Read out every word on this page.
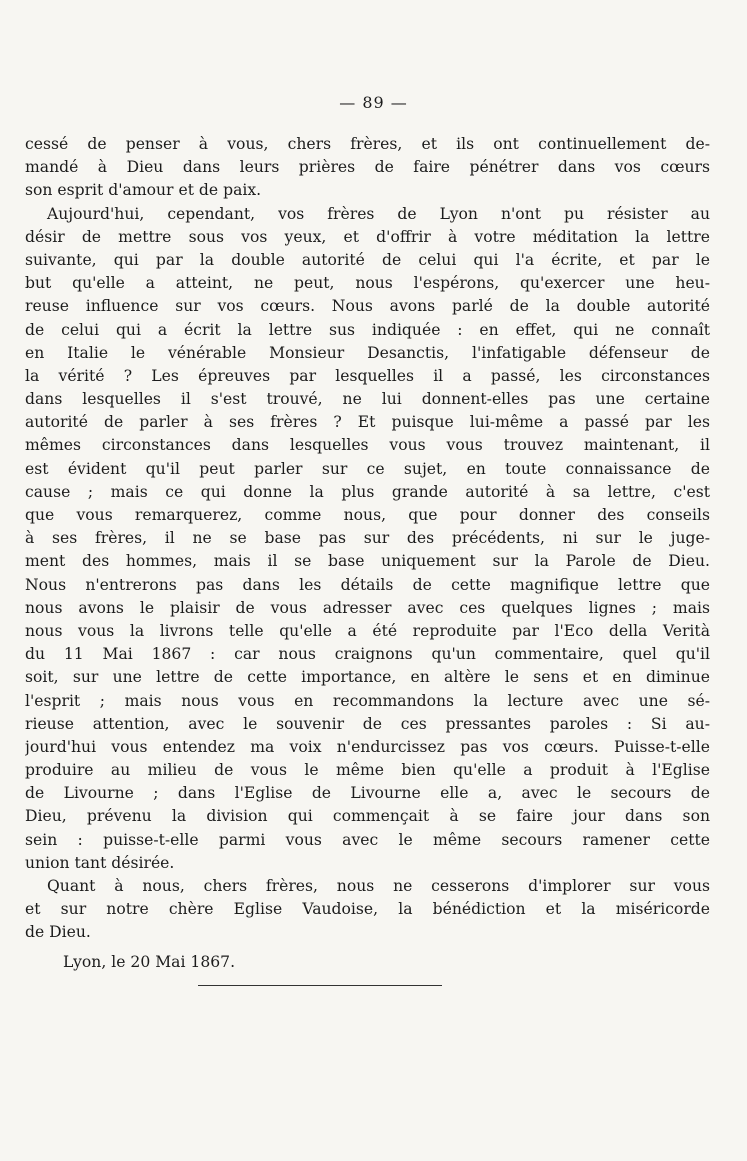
— 89 —
cessé de penser à vous, chers frères, et ils ont continuellement de-
mandé à Dieu dans leurs prières de faire pénétrer dans vos cœurs
son esprit d'amour et de paix.
Aujourd'hui, cependant, vos frères de Lyon n'ont pu résister au
désir de mettre sous vos yeux, et d'offrir à votre méditation la lettre
suivante, qui par la double autorité de celui qui l'a écrite, et par le
but qu'elle a atteint, ne peut, nous l'espérons, qu'exercer une heu-
reuse influence sur vos cœurs. Nous avons parlé de la double autorité
de celui qui a écrit la lettre sus indiquée : en effet, qui ne connaît
en Italie le vénérable Monsieur Desanctis, l'infatigable défenseur de
la vérité ? Les épreuves par lesquelles il a passé, les circonstances
dans lesquelles il s'est trouvé, ne lui donnent-elles pas une certaine
autorité de parler à ses frères ? Et puisque lui-même a passé par les
mêmes circonstances dans lesquelles vous vous trouvez maintenant, il
est évident qu'il peut parler sur ce sujet, en toute connaissance de
cause ; mais ce qui donne la plus grande autorité à sa lettre, c'est
que vous remarquerez, comme nous, que pour donner des conseils
à ses frères, il ne se base pas sur des précédents, ni sur le juge-
ment des hommes, mais il se base uniquement sur la Parole de Dieu.
Nous n'entrerons pas dans les détails de cette magnifique lettre que
nous avons le plaisir de vous adresser avec ces quelques lignes ; mais
nous vous la livrons telle qu'elle a été reproduite par l'Eco della Verità
du 11 Mai 1867 : car nous craignons qu'un commentaire, quel qu'il
soit, sur une lettre de cette importance, en altère le sens et en diminue
l'esprit ; mais nous vous en recommandons la lecture avec une sé-
rieuse attention, avec le souvenir de ces pressantes paroles : Si au-
jourd'hui vous entendez ma voix n'endurcissez pas vos cœurs. Puisse-t-elle
produire au milieu de vous le même bien qu'elle a produit à l'Eglise
de Livourne ; dans l'Eglise de Livourne elle a, avec le secours de
Dieu, prévenu la division qui commençait à se faire jour dans son
sein : puisse-t-elle parmi vous avec le même secours ramener cette
union tant désirée.
Quant à nous, chers frères, nous ne cesserons d'implorer sur vous
et sur notre chère Eglise Vaudoise, la bénédiction et la miséricorde
de Dieu.
Lyon, le 20 Mai 1867.
